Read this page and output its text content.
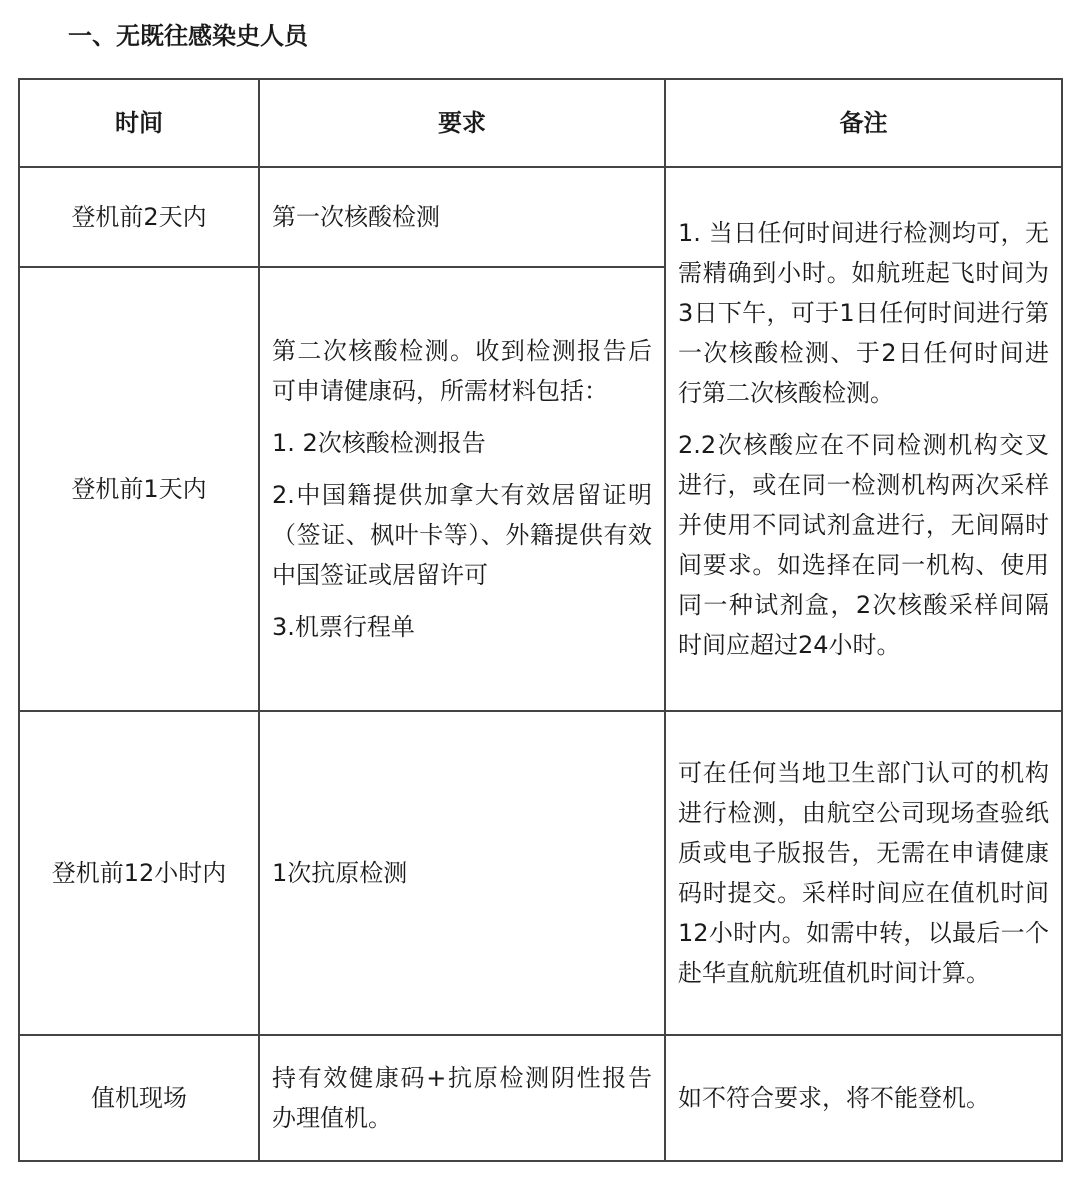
一、无既往感染史人员
时间	要求	备注
登机前2天内	第一次核酸检测	1. 当日任何时间进行检测均可，无需精确到小时。如航班起飞时间为3日下午，可于1日任何时间进行第一次核酸检测、于2日任何时间进行第二次核酸检测。

2.2次核酸应在不同检测机构交叉进行，或在同一检测机构两次采样并使用不同试剂盒进行，无间隔时间要求。如选择在同一机构、使用同一种试剂盒，2次核酸采样间隔时间应超过24小时。

登机前1天内	第二次核酸检测。收到检测报告后可申请健康码，所需材料包括：

1. 2次核酸检测报告

2.中国籍提供加拿大有效居留证明（签证、枫叶卡等）、外籍提供有效中国签证或居留许可

3.机票行程单	

登机前12小时内	1次抗原检测	可在任何当地卫生部门认可的机构进行检测，由航空公司现场查验纸质或电子版报告，无需在申请健康码时提交。采样时间应在值机时间12小时内。如需中转，以最后一个赴华直航航班值机时间计算。

值机现场	持有效健康码+抗原检测阴性报告办理值机。	如不符合要求，将不能登机。
